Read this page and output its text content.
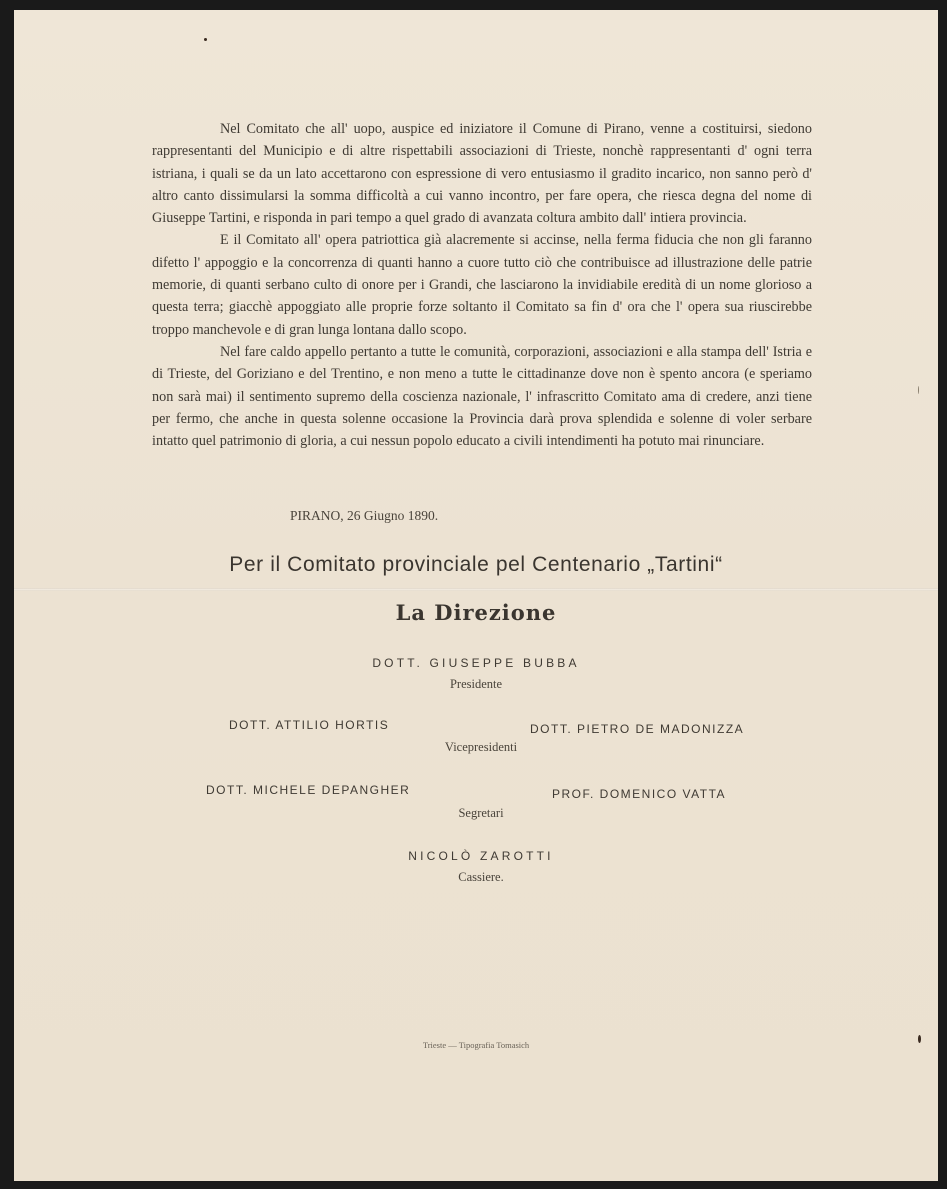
Nel Comitato che all' uopo, auspice ed iniziatore il Comune di Pirano, venne a costituirsi, siedono rappresentanti del Municipio e di altre rispettabili associazioni di Trieste, nonchè rappresentanti d' ogni terra istriana, i quali se da un lato accettarono con espressione di vero entusiasmo il gradito incarico, non sanno però d' altro canto dissimularsi la somma difficoltà a cui vanno incontro, per fare opera, che riesca degna del nome di Giuseppe Tartini, e risponda in pari tempo a quel grado di avanzata coltura ambito dall' intiera provincia.

E il Comitato all' opera patriottica già alacremente si accinse, nella ferma fiducia che non gli faranno difetto l' appoggio e la concorrenza di quanti hanno a cuore tutto ciò che contribuisce ad illustrazione delle patrie memorie, di quanti serbano culto di onore per i Grandi, che lasciarono la invidiabile eredità di un nome glorioso a questa terra; giacchè appoggiato alle proprie forze soltanto il Comitato sa fin d' ora che l' opera sua riuscirebbe troppo manchevole e di gran lunga lontana dallo scopo.

Nel fare caldo appello pertanto a tutte le comunità, corporazioni, associazioni e alla stampa dell' Istria e di Trieste, del Goriziano e del Trentino, e non meno a tutte le cittadinanze dove non è spento ancora (e speriamo non sarà mai) il sentimento supremo della coscienza nazionale, l' infrascritto Comitato ama di credere, anzi tiene per fermo, che anche in questa solenne occasione la Provincia darà prova splendida e solenne di voler serbare intatto quel patrimonio di gloria, a cui nessun popolo educato a civili intendimenti ha potuto mai rinunciare.

PIRANO, 26 Giugno 1890.
Per il Comitato provinciale pel Centenario „Tartini“
La Direzione
DOTT. GIUSEPPE BUBBA
Presidente
DOTT. ATTILIO HORTIS	DOTT. PIETRO DE MADONIZZA
Vicepresidenti
DOTT. MICHELE DEPANGHER	PROF. DOMENICO VATTA
Segretari
NICOLÒ ZAROTTI
Cassiere.
Trieste — Tipografia Tomasich
